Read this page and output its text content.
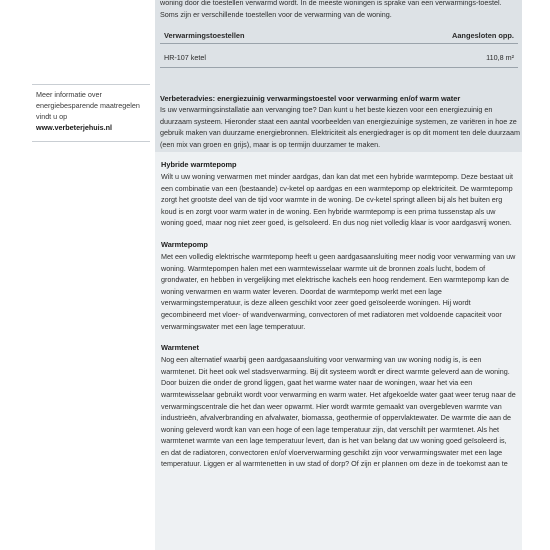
Meer informatie over energiebesparende maatregelen vindt u op

www.verbeterjehuis.nl

woning door die toestellen verwarmd wordt. In de meeste woningen is sprake van een verwarmings-toestel. Soms zijn er verschillende toestellen voor de verwarming van de woning.

Verwarmingstoestellen	Aangesloten opp.
HR-107 ketel	110,8 m²

Verbeteradvies: energiezuinig verwarmingstoestel voor verwarming en/of warm water

Is uw verwarmingsinstallatie aan vervanging toe? Dan kunt u het beste kiezen voor een energiezuinig en duurzaam systeem. Hieronder staat een aantal voorbeelden van energiezuinige systemen, ze variëren in hoe ze gebruik maken van duurzame energiebronnen. Elektriciteit als energiedrager is op dit moment ten dele duurzaam (een mix van groen en grijs), maar is op termijn duurzamer te maken.

Hybride warmtepomp

Wilt u uw woning verwarmen met minder aardgas, dan kan dat met een hybride warmtepomp. Deze bestaat uit een combinatie van een (bestaande) cv-ketel op aardgas en een warmtepomp op elektriciteit. De warmtepomp zorgt het grootste deel van de tijd voor warmte in de woning. De cv-ketel springt alleen bij als het buiten erg koud is en zorgt voor warm water in de woning. Een hybride warmtepomp is een prima tussenstap als uw woning goed, maar nog niet zeer goed, is geïsoleerd. En dus nog niet volledig klaar is voor aardgasvrij wonen.

Warmtepomp

Met een volledig elektrische warmtepomp heeft u geen aardgasaansluiting meer nodig voor verwarming van uw woning. Warmtepompen halen met een warmtewisselaar warmte uit de bronnen zoals lucht, bodem of grondwater, en hebben in vergelijking met elektrische kachels een hoog rendement. Een warmtepomp kan de woning verwarmen en warm water leveren. Doordat de warmtepomp werkt met een lage verwarmingstemperatuur, is deze alleen geschikt voor zeer goed geïsoleerde woningen. Hij wordt gecombineerd met vloer- of wandverwarming, convectoren of met radiatoren met voldoende capaciteit voor verwarmingswater met een lage temperatuur.

Warmtenet

Nog een alternatief waarbij geen aardgasaansluiting voor verwarming van uw woning nodig is, is een warmtenet. Dit heet ook wel stadsverwarming. Bij dit systeem wordt er direct warmte geleverd aan de woning. Door buizen die onder de grond liggen, gaat het warme water naar de woningen, waar het via een warmtewisselaar gebruikt wordt voor verwarming en warm water. Het afgekoelde water gaat weer terug naar de verwarmingscentrale die het dan weer opwarmt. Hier wordt warmte gemaakt van overgebleven warmte van industrieën, afvalverbranding en afvalwater, biomassa, geothermie of oppervlaktewater. De warmte die aan de woning geleverd wordt kan van een hoge of een lage temperatuur zijn, dat verschilt per warmtenet. Als het warmtenet warmte van een lage temperatuur levert, dan is het van belang dat uw woning goed geïsoleerd is, en dat de radiatoren, convectoren en/of vloerverwarming geschikt zijn voor verwarmingswater met een lage temperatuur. Liggen er al warmtenetten in uw stad of dorp? Of zijn er plannen om deze in de toekomst aan te
